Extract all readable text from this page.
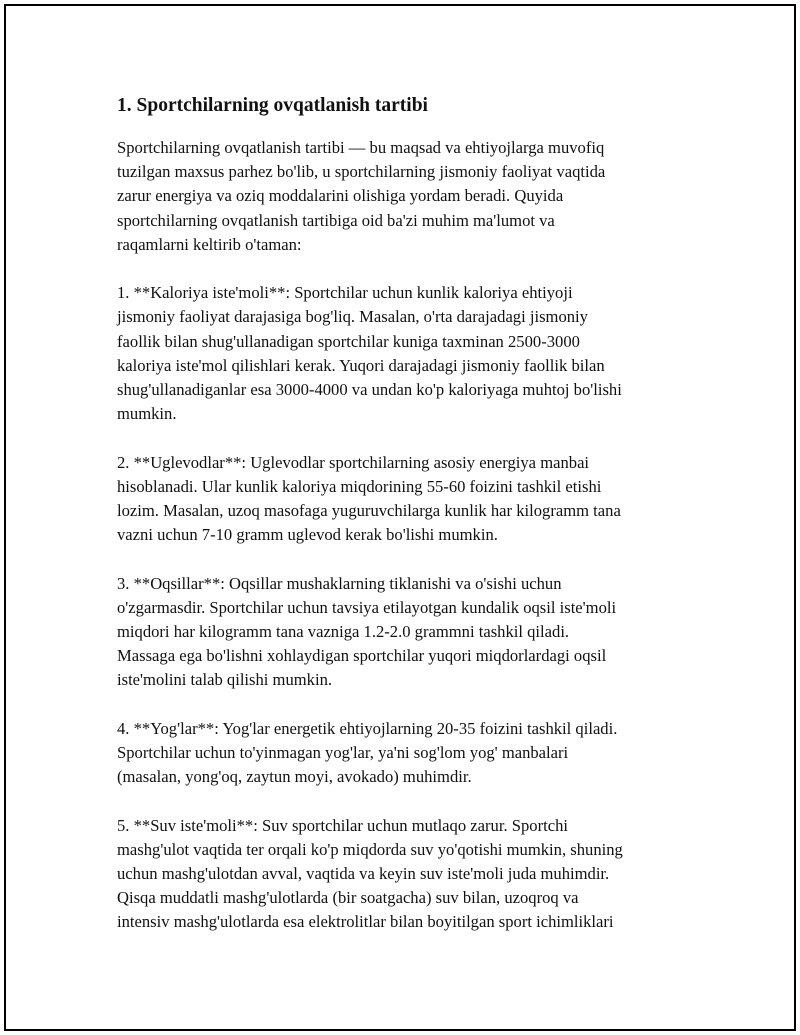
1. Sportchilarning ovqatlanish tartibi
Sportchilarning ovqatlanish tartibi — bu maqsad va ehtiyojlarga muvofiq
tuzilgan maxsus parhez bo'lib, u sportchilarning jismoniy faoliyat vaqtida
zarur energiya va oziq moddalarini olishiga yordam beradi. Quyida
sportchilarning ovqatlanish tartibiga oid ba'zi muhim ma'lumot va
raqamlarni keltirib o'taman:
1. **Kaloriya iste'moli**: Sportchilar uchun kunlik kaloriya ehtiyoji
jismoniy faoliyat darajasiga bog'liq. Masalan, o'rta darajadagi jismoniy
faollik bilan shug'ullanadigan sportchilar kuniga taxminan 2500-3000
kaloriya iste'mol qilishlari kerak. Yuqori darajadagi jismoniy faollik bilan
shug'ullanadiganlar esa 3000-4000 va undan ko'p kaloriyaga muhtoj bo'lishi
mumkin.
2. **Uglevodlar**: Uglevodlar sportchilarning asosiy energiya manbai
hisoblanadi. Ular kunlik kaloriya miqdorining 55-60 foizini tashkil etishi
lozim. Masalan, uzoq masofaga yuguruvchilarga kunlik har kilogramm tana
vazni uchun 7-10 gramm uglevod kerak bo'lishi mumkin.
3. **Oqsillar**: Oqsillar mushaklarning tiklanishi va o'sishi uchun
o'zgarmasdir. Sportchilar uchun tavsiya etilayotgan kundalik oqsil iste'moli
miqdori har kilogramm tana vazniga 1.2-2.0 grammni tashkil qiladi.
Massaga ega bo'lishni xohlaydigan sportchilar yuqori miqdorlardagi oqsil
iste'molini talab qilishi mumkin.
4. **Yog'lar**: Yog'lar energetik ehtiyojlarning 20-35 foizini tashkil qiladi.
Sportchilar uchun to'yinmagan yog'lar, ya'ni sog'lom yog' manbalari
(masalan, yong'oq, zaytun moyi, avokado) muhimdir.
5. **Suv iste'moli**: Suv sportchilar uchun mutlaqo zarur. Sportchi
mashg'ulot vaqtida ter orqali ko'p miqdorda suv yo'qotishi mumkin, shuning
uchun mashg'ulotdan avval, vaqtida va keyin suv iste'moli juda muhimdir.
Qisqa muddatli mashg'ulotlarda (bir soatgacha) suv bilan, uzoqroq va
intensiv mashg'ulotlarda esa elektrolitlar bilan boyitilgan sport ichimliklari
